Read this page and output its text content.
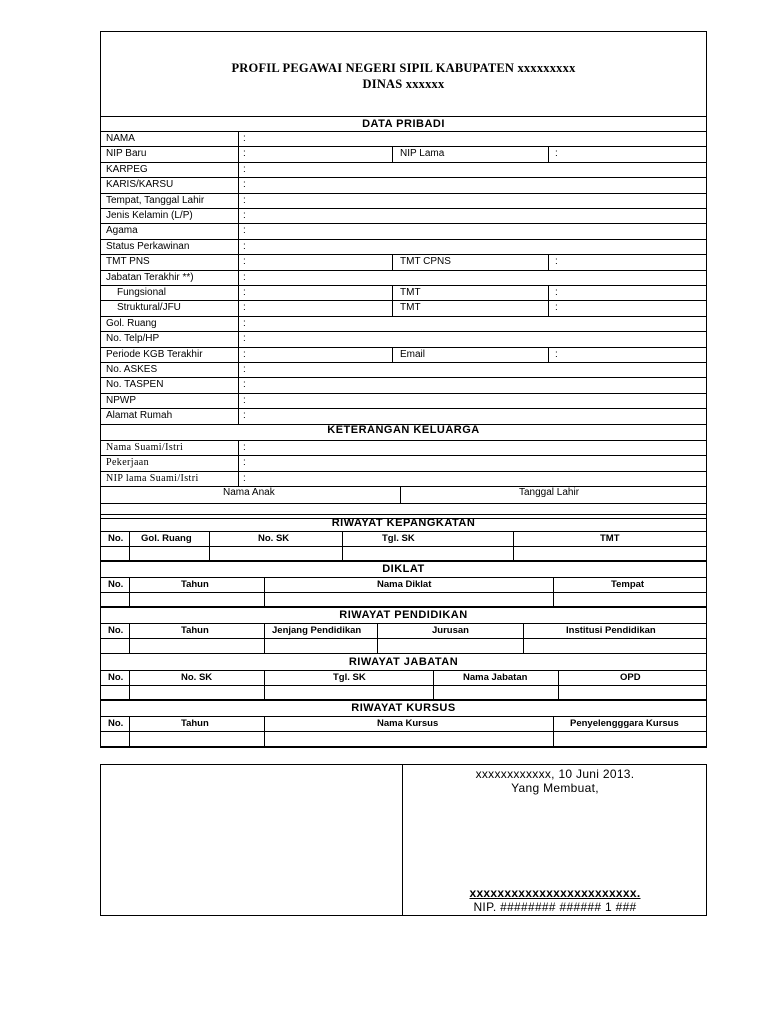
PROFIL PEGAWAI NEGERI SIPIL KABUPATEN xxxxxxxxx
DINAS xxxxxx
DATA PRIBADI
NAMA	:
NIP Baru	:	NIP Lama	:
KARPEG	:
KARIS/KARSU	:
Tempat, Tanggal Lahir	:
Jenis Kelamin (L/P)	:
Agama	:
Status Perkawinan	:
TMT PNS	:	TMT CPNS	:
Jabatan Terakhir **)	:
Fungsional	:	TMT	:
Struktural/JFU	:	TMT	:
Gol. Ruang	:
No. Telp/HP	:
Periode KGB Terakhir	:	Email	:
No. ASKES	:
No. TASPEN	:
NPWP	:
Alamat Rumah	:
KETERANGAN KELUARGA
Nama Suami/Istri	:
Pekerjaan	:
NIP lama Suami/Istri	:
Nama Anak	Tanggal Lahir
RIWAYAT KEPANGKATAN
DIKLAT
RIWAYAT PENDIDIKAN
RIWAYAT JABATAN
RIWAYAT KURSUS
No. Gol. Ruang	No. SK	Tgl. SK	TMT
No.	Tahun	Nama Diklat	Tempat
No.	Tahun	Jenjang Pendidikan	Jurusan	Institusi Pendidikan
No.	No. SK	Tgl. SK	Nama Jabatan	OPD
No.	Tahun	Nama Kursus	Penyelengggara Kursus
xxxxxxxxxxxx, 10 Juni 2013.
Yang Membuat,
xxxxxxxxxxxxxxxxxxxxxxxx.
NIP. ######## ###### 1 ###
